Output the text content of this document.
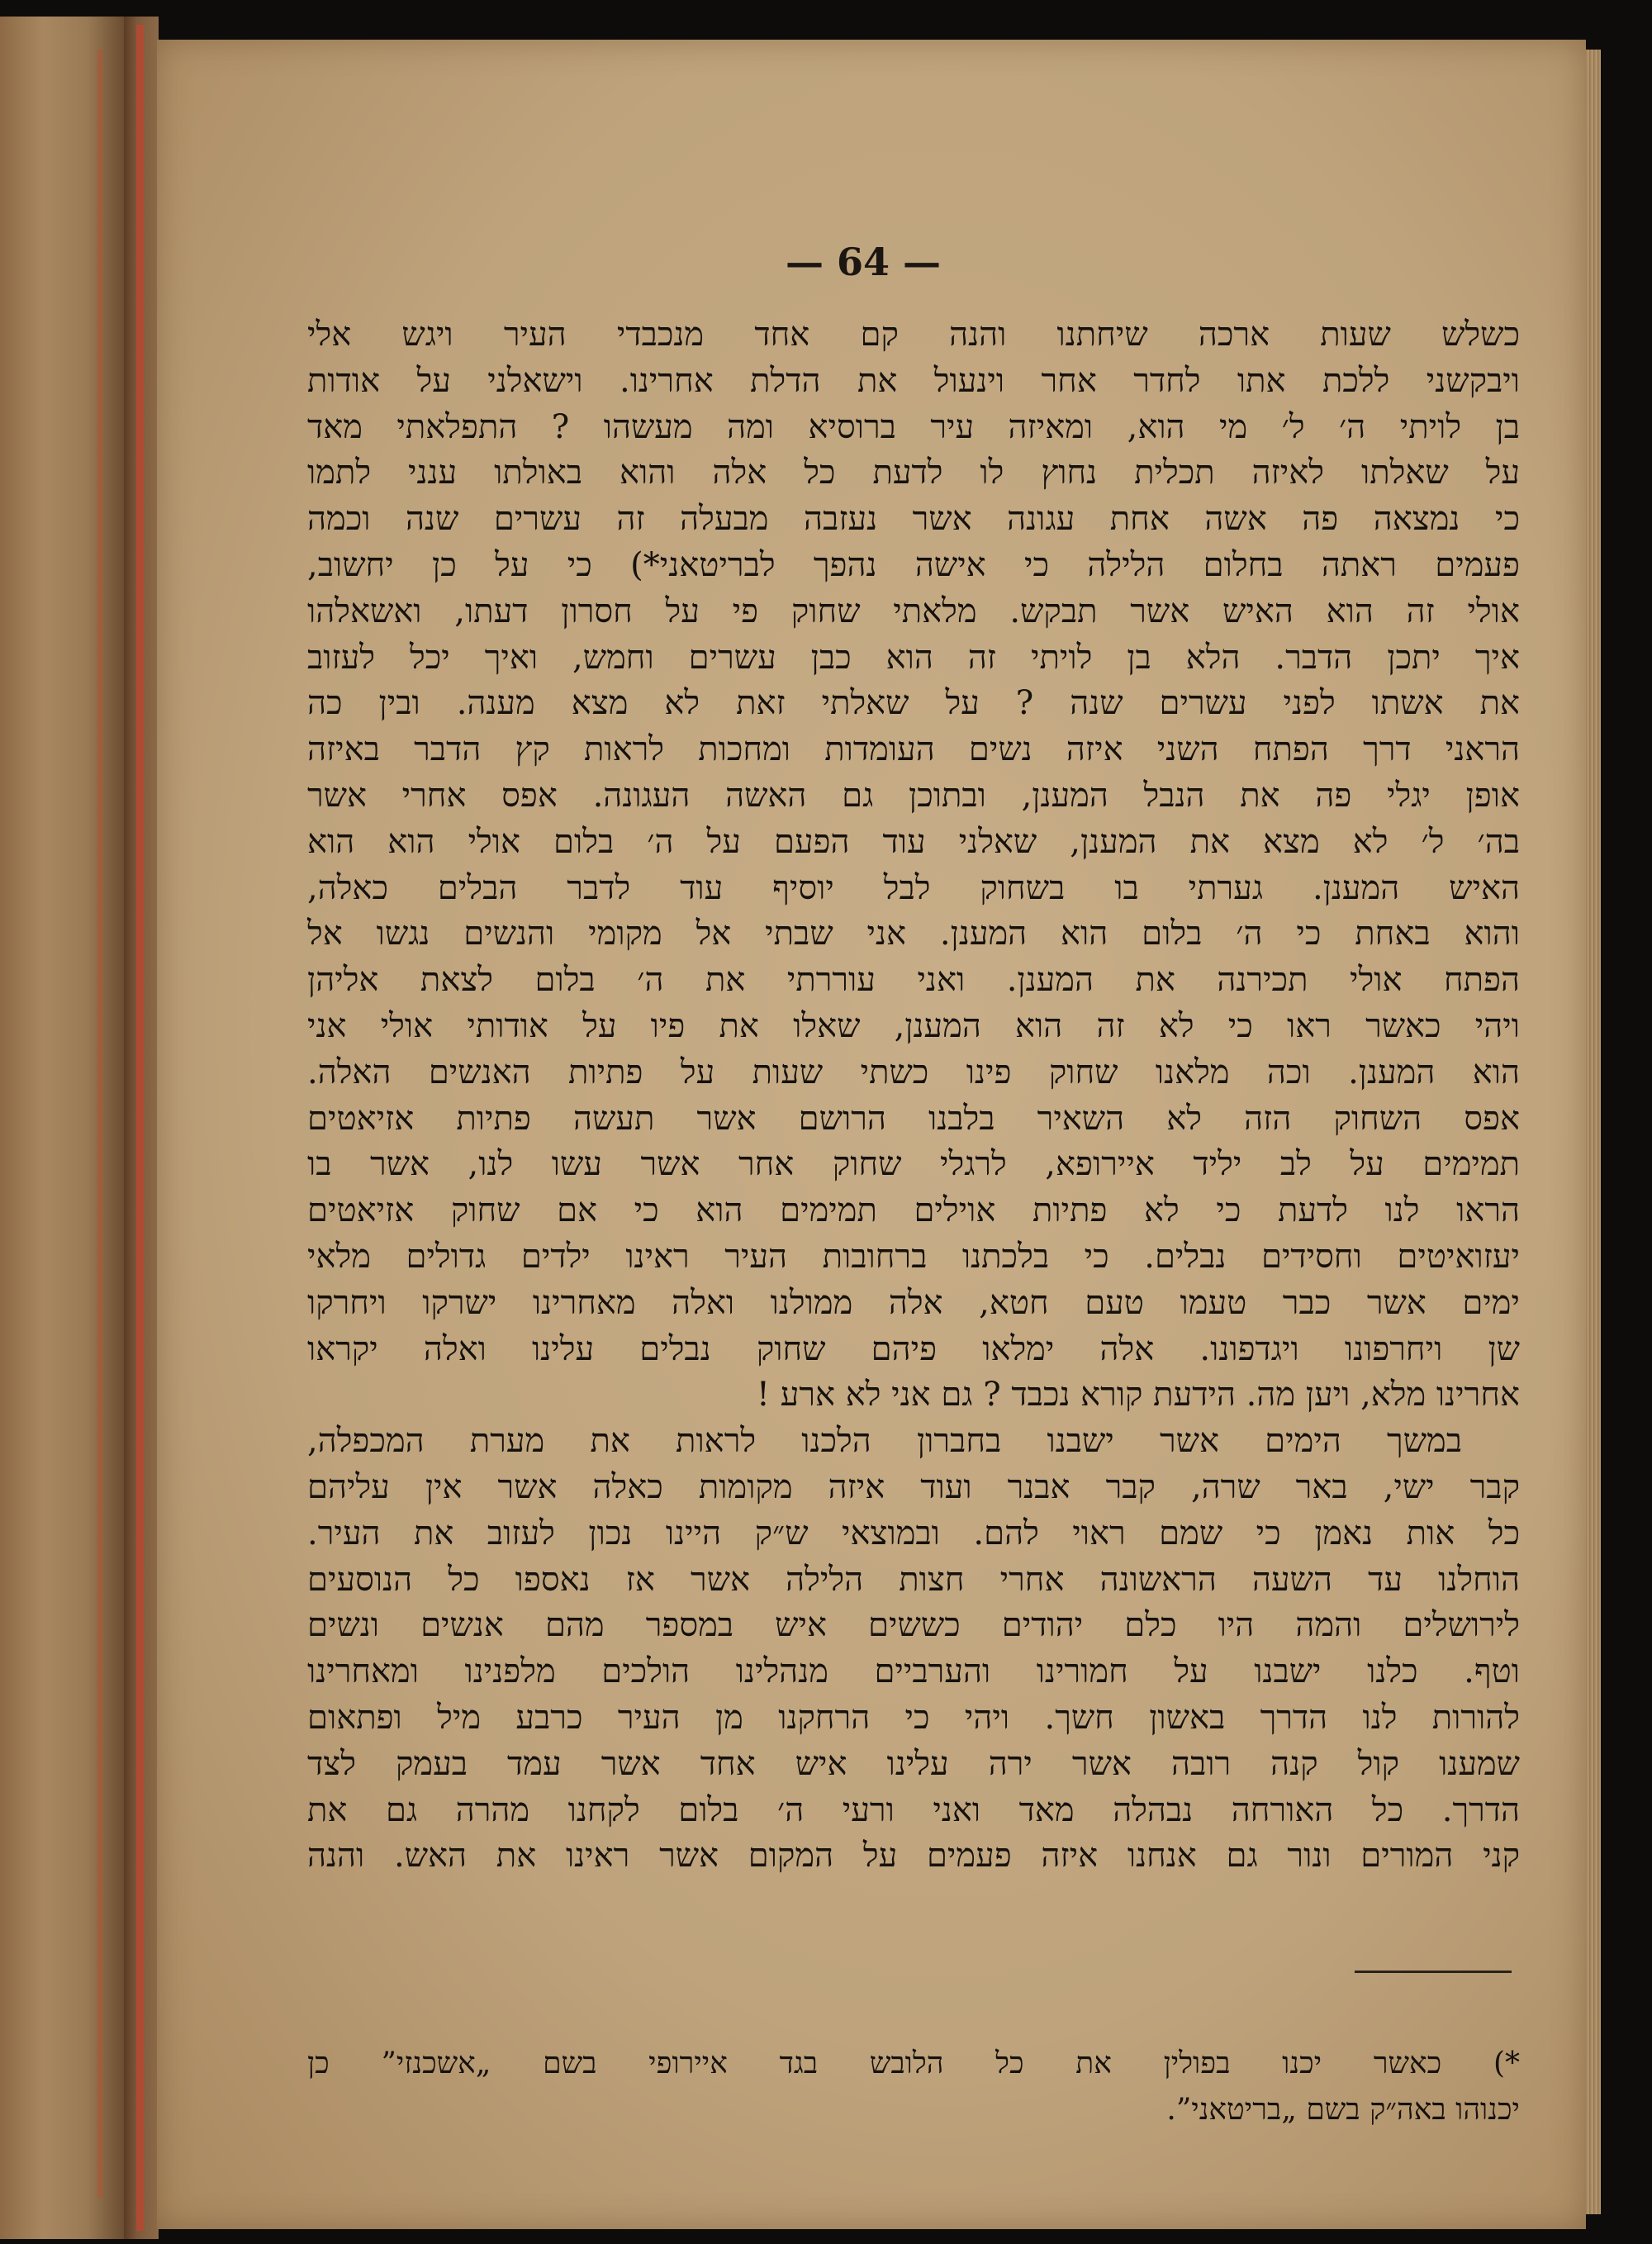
— 64 —
כשלש שעות ארכה שיחתנו והנה קם אחד מנכבדי העיר ויגש אלי
ויבקשני ללכת אתו לחדר אחר וינעול את הדלת אחרינו. וישאלני על אודות
בן לויתי ה׳ ל׳ מי הוא, ומאיזה עיר ברוסיא ומה מעשהו ? התפלאתי מאד
על שאלתו לאיזה תכלית נחוץ לו לדעת כל אלה והוא באולתו ענני לתמו
כי נמצאה פה אשה אחת עגונה אשר נעזבה מבעלה זה עשרים שנה וכמה
פעמים ראתה בחלום הלילה כי אישה נהפך לבריטאני*) כי על כן יחשוב,
אולי זה הוא האיש אשר תבקש. מלאתי שחוק פי על חסרון דעתו, ואשאלהו
איך יתכן הדבר. הלא בן לויתי זה הוא כבן עשרים וחמש, ואיך יכל לעזוב
את אשתו לפני עשרים שנה ? על שאלתי זאת לא מצא מענה. ובין כה
הראני דרך הפתח השני איזה נשים העומדות ומחכות לראות קץ הדבר באיזה
אופן יגלי פה את הנבל המענן, ובתוכן גם האשה העגונה. אפס אחרי אשר
בה׳ ל׳ לא מצא את המענן, שאלני עוד הפעם על ה׳ בלום אולי הוא הוא
האיש המענן. גערתי בו בשחוק לבל יוסיף עוד לדבר הבלים כאלה,
והוא באחת כי ה׳ בלום הוא המענן. אני שבתי אל מקומי והנשים נגשו אל
הפתח אולי תכירנה את המענן. ואני עוררתי את ה׳ בלום לצאת אליהן
ויהי כאשר ראו כי לא זה הוא המענן, שאלו את פיו על אודותי אולי אני
הוא המענן. וכה מלאנו שחוק פינו כשתי שעות על פתיות האנשים האלה.
אפס השחוק הזה לא השאיר בלבנו הרושם אשר תעשה פתיות אזיאטים
תמימים על לב יליד איירופא, לרגלי שחוק אחר אשר עשו לנו, אשר בו
הראו לנו לדעת כי לא פתיות אוילים תמימים הוא כי אם שחוק אזיאטים
יעזואיטים וחסידים נבלים. כי בלכתנו ברחובות העיר ראינו ילדים גדולים מלאי
ימים אשר כבר טעמו טעם חטא, אלה ממולנו ואלה מאחרינו ישרקו ויחרקו
שן ויחרפונו ויגדפונו. אלה ימלאו פיהם שחוק נבלים עלינו ואלה יקראו
אחרינו מלא, ויען מה. הידעת קורא נכבד ? גם אני לא ארע !
במשך הימים אשר ישבנו בחברון הלכנו לראות את מערת המכפלה,
קבר ישי, באר שרה, קבר אבנר ועוד איזה מקומות כאלה אשר אין עליהם
כל אות נאמן כי שמם ראוי להם. ובמוצאי ש״ק היינו נכון לעזוב את העיר.
הוחלנו עד השעה הראשונה אחרי חצות הלילה אשר אז נאספו כל הנוסעים
לירושלים והמה היו כלם יהודים כששים איש במספר מהם אנשים ונשים
וטף. כלנו ישבנו על חמורינו והערביים מנהלינו הולכים מלפנינו ומאחרינו
להורות לנו הדרך באשון חשך. ויהי כי הרחקנו מן העיר כרבע מיל ופתאום
שמענו קול קנה רובה אשר ירה עלינו איש אחד אשר עמד בעמק לצד
הדרך. כל האורחה נבהלה מאד ואני ורעי ה׳ בלום לקחנו מהרה גם את
קני המורים ונור גם אנחנו איזה פעמים על המקום אשר ראינו את האש. והנה
*) כאשר יכנו בפולין את כל הלובש בגד איירופי בשם „אשכנזי” כן
יכנוהו באה״ק בשם „בריטאני”.
